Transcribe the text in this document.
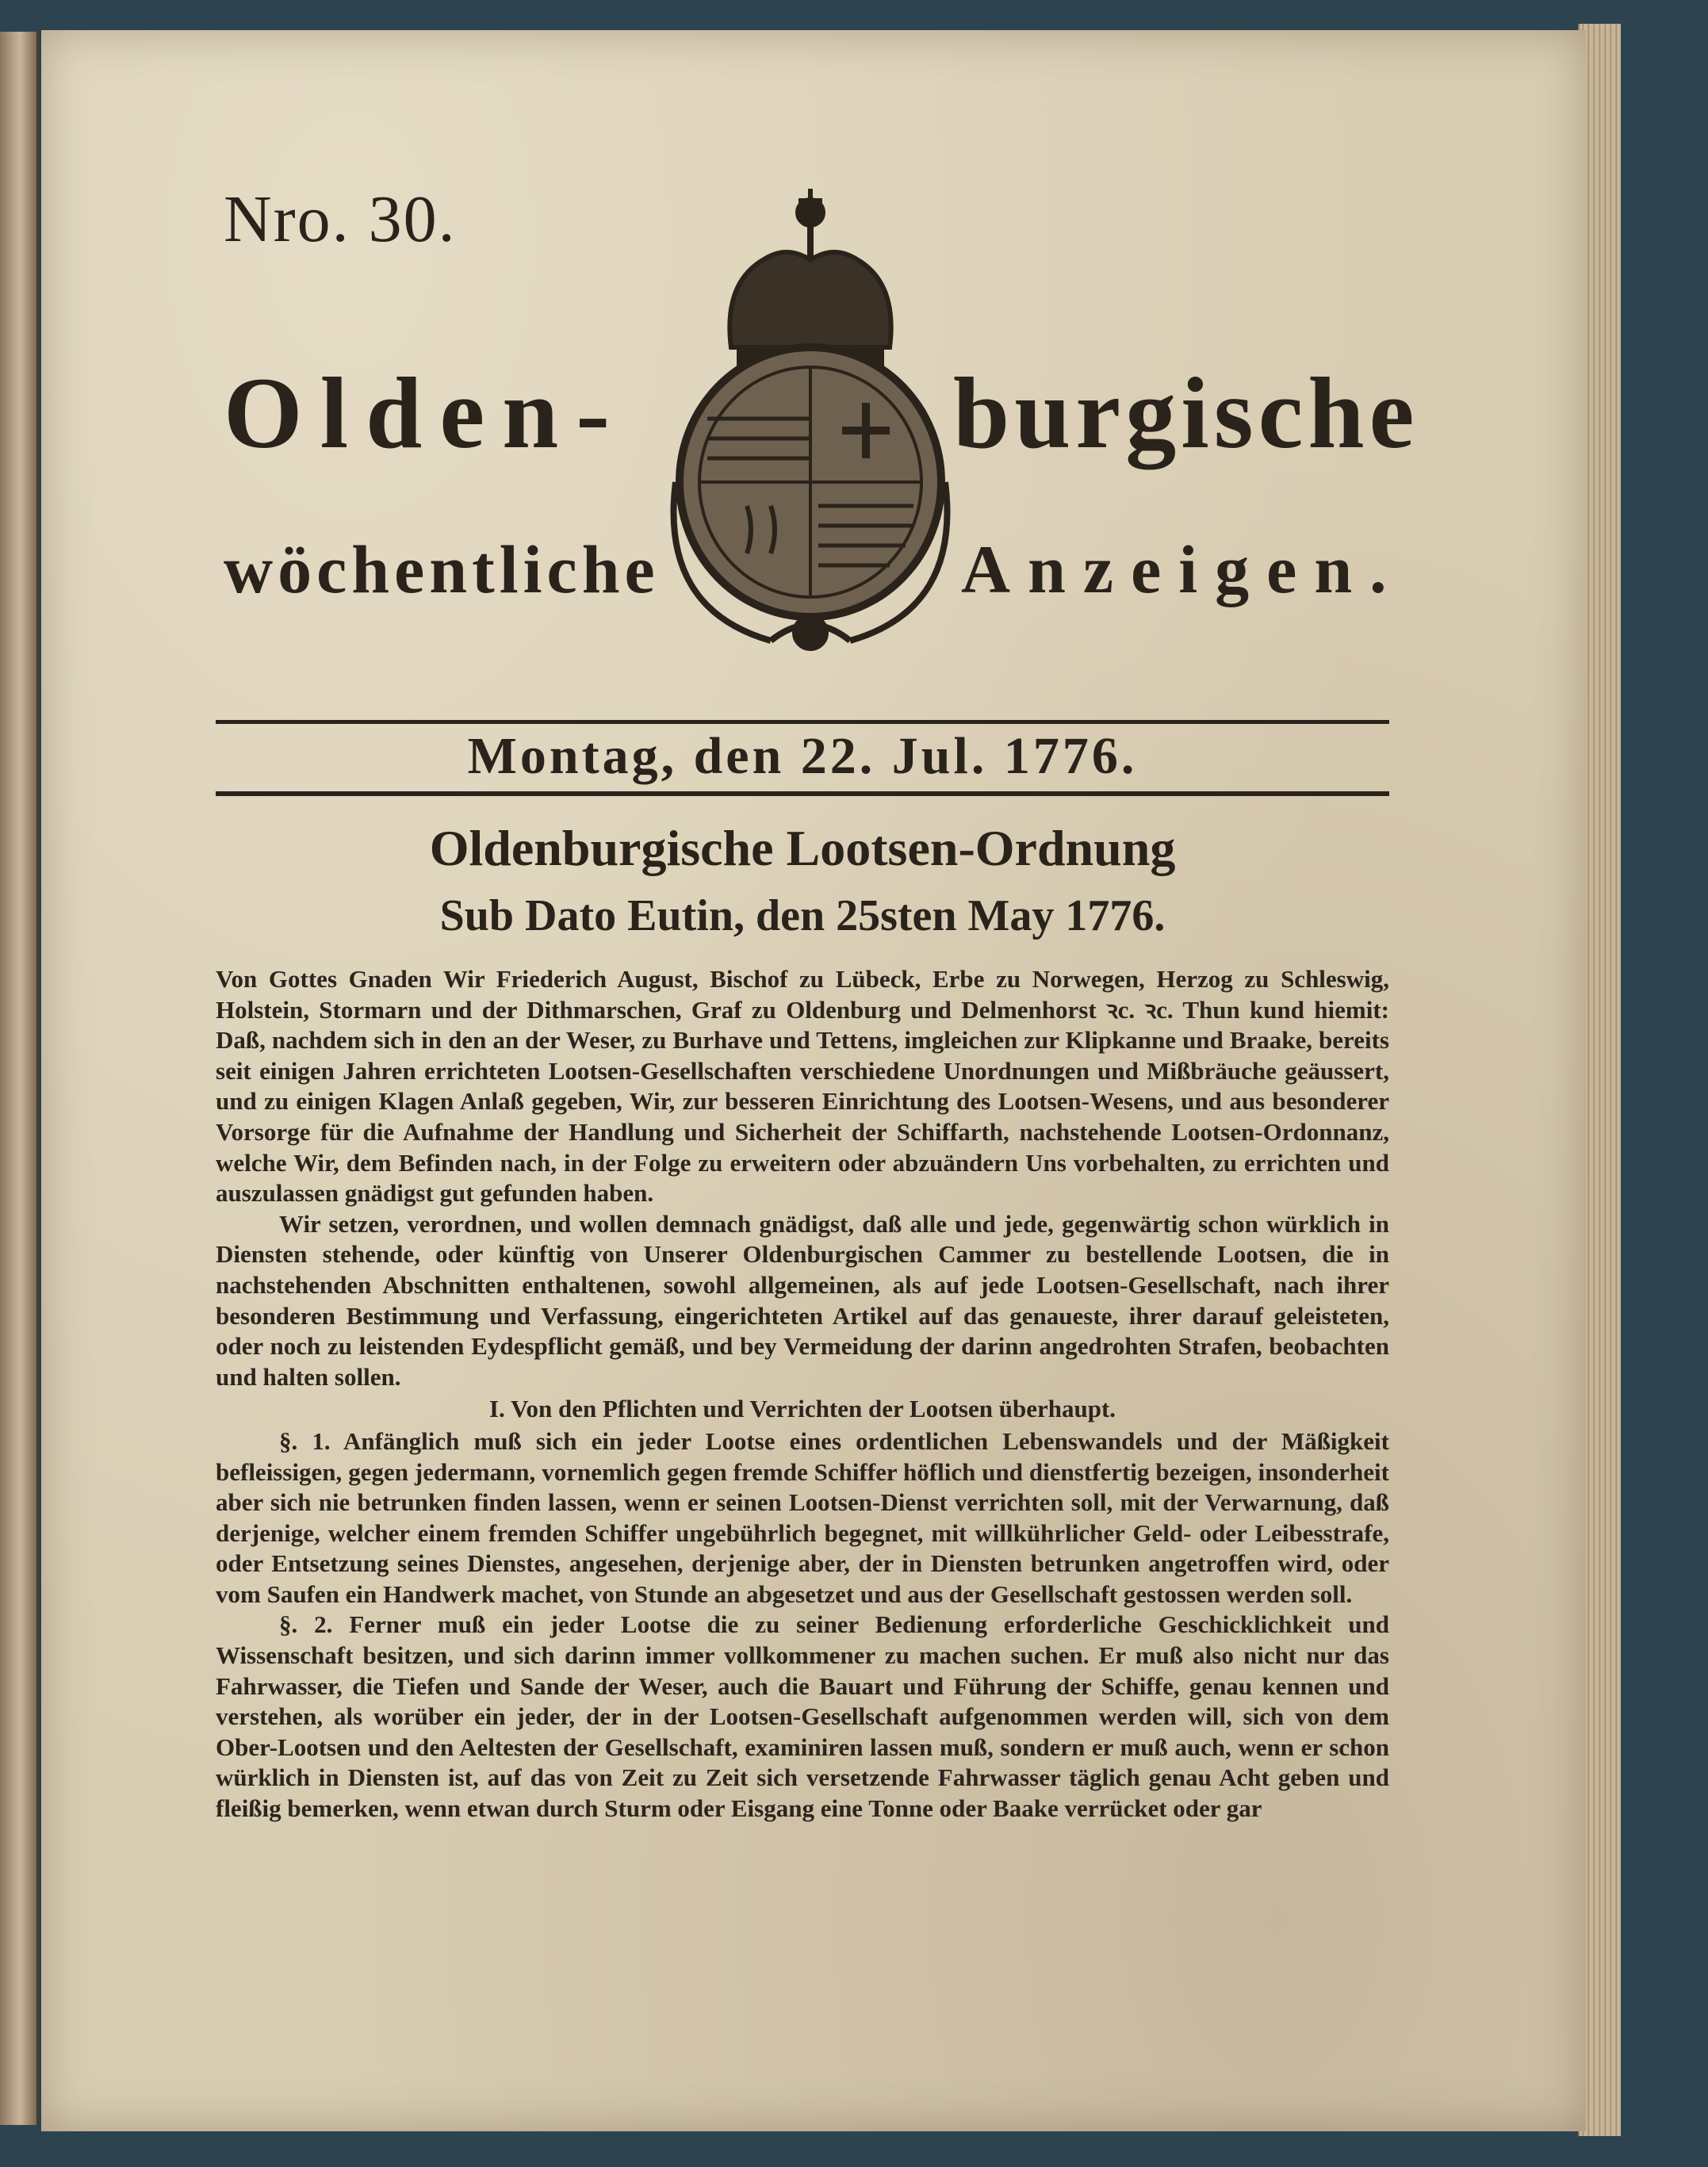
Nro. 30.
Olden-	burgische
wöchentliche	Anzeigen.
Montag, den 22. Jul. 1776.
Oldenburgische Lootsen-Ordnung
Sub Dato Eutin, den 25sten May 1776.

Von Gottes Gnaden Wir Friederich August, Bischof zu Lübeck, Erbe zu Norwegen, Herzog zu Schleswig, Holstein, Stormarn und der Dithmarschen, Graf zu Oldenburg und Delmenhorst ꝛc. ꝛc. Thun kund hiemit: Daß, nachdem sich in den an der Weser, zu Burhave und Tettens, imgleichen zur Klipkanne und Braake, bereits seit einigen Jahren errichteten Lootsen-Gesellschaften verschiedene Unordnungen und Mißbräuche geäussert, und zu einigen Klagen Anlaß gegeben, Wir, zur besseren Einrichtung des Lootsen-Wesens, und aus besonderer Vorsorge für die Aufnahme der Handlung und Sicherheit der Schiffarth, nachstehende Lootsen-Ordonnanz, welche Wir, dem Befinden nach, in der Folge zu erweitern oder abzuändern Uns vorbehalten, zu errichten und auszulassen gnädigst gut gefunden haben.

Wir setzen, verordnen, und wollen demnach gnädigst, daß alle und jede, gegenwärtig schon würklich in Diensten stehende, oder künftig von Unserer Oldenburgischen Cammer zu bestellende Lootsen, die in nachstehenden Abschnitten enthaltenen, sowohl allgemeinen, als auf jede Lootsen-Gesellschaft, nach ihrer besonderen Bestimmung und Verfassung, eingerichteten Artikel auf das genaueste, ihrer darauf geleisteten, oder noch zu leistenden Eydespflicht gemäß, und bey Vermeidung der darinn angedrohten Strafen, beobachten und halten sollen.

I. Von den Pflichten und Verrichten der Lootsen überhaupt.

§. 1. Anfänglich muß sich ein jeder Lootse eines ordentlichen Lebenswandels und der Mäßigkeit befleissigen, gegen jedermann, vornemlich gegen fremde Schiffer höflich und dienstfertig bezeigen, insonderheit aber sich nie betrunken finden lassen, wenn er seinen Lootsen-Dienst verrichten soll, mit der Verwarnung, daß derjenige, welcher einem fremden Schiffer ungebührlich begegnet, mit willkührlicher Geld- oder Leibesstrafe, oder Entsetzung seines Dienstes, angesehen, derjenige aber, der in Diensten betrunken angetroffen wird, oder vom Saufen ein Handwerk machet, von Stunde an abgesetzet und aus der Gesellschaft gestossen werden soll.

§. 2. Ferner muß ein jeder Lootse die zu seiner Bedienung erforderliche Geschicklichkeit und Wissenschaft besitzen, und sich darinn immer vollkommener zu machen suchen. Er muß also nicht nur das Fahrwasser, die Tiefen und Sande der Weser, auch die Bauart und Führung der Schiffe, genau kennen und verstehen, als worüber ein jeder, der in der Lootsen-Gesellschaft aufgenommen werden will, sich von dem Ober-Lootsen und den Aeltesten der Gesellschaft, examiniren lassen muß, sondern er muß auch, wenn er schon würklich in Diensten ist, auf das von Zeit zu Zeit sich versetzende Fahrwasser täglich genau Acht geben und fleißig bemerken, wenn etwan durch Sturm oder Eisgang eine Tonne oder Baake verrücket oder gar
